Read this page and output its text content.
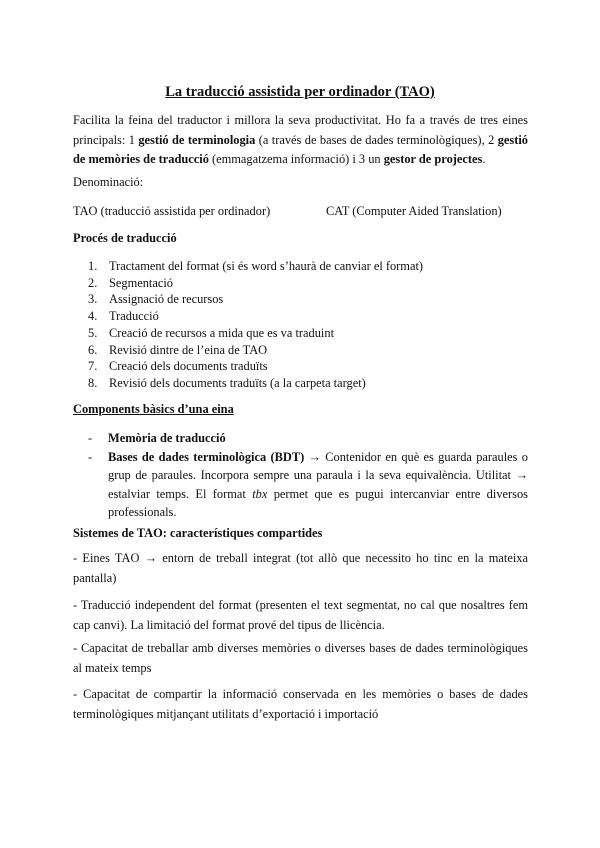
La traducció assistida per ordinador (TAO)
Facilita la feina del traductor i millora la seva productivitat. Ho fa a través de tres eines principals: 1 gestió de terminologia (a través de bases de dades terminològiques), 2 gestió de memòries de traducció (emmagatzema informació) i 3 un gestor de projectes.
Denominació:
TAO (traducció assistida per ordinador)	CAT (Computer Aided Translation)
Procés de traducció
1. Tractament del format (si és word s’haurà de canviar el format)
2. Segmentació
3. Assignació de recursos
4. Traducció
5. Creació de recursos a mida que es va traduint
6. Revisió dintre de l’eina de TAO
7. Creació dels documents traduïts
8. Revisió dels documents traduïts (a la carpeta target)
Components bàsics d’una eina
- Memòria de traducció
- Bases de dades terminològica (BDT) → Contenidor en què es guarda paraules o grup de paraules. Incorpora sempre una paraula i la seva equivalència. Utilitat → estalviar temps. El format tbx permet que es pugui intercanviar entre diversos professionals.
Sistemes de TAO: característiques compartides
- Eines TAO → entorn de treball integrat (tot allò que necessito ho tinc en la mateixa pantalla)
- Traducció independent del format (presenten el text segmentat, no cal que nosaltres fem cap canvi). La limitació del format prové del tipus de llicència.
- Capacitat de treballar amb diverses memòries o diverses bases de dades terminològiques al mateix temps
- Capacitat de compartir la informació conservada en les memòries o bases de dades terminològiques mitjançant utilitats d’exportació i importació
